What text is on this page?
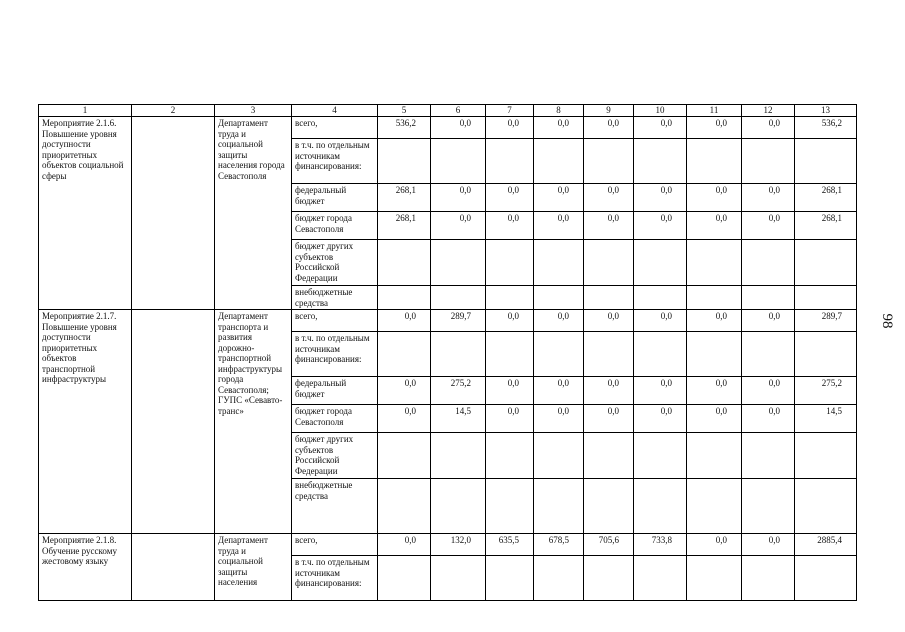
1	2	3	4	5	6	7	8	9	10	11	12	13
Мероприятие 2.1.6. Повышение уровня доступности приоритетных объектов социальной сферы		Департамент труда и социальной защиты населения города Севастополя	всего,	536,2	0,0	0,0	0,0	0,0	0,0	0,0	0,0	536,2
			в т.ч. по отдельным источникам финансирования:									
			федеральный бюджет	268,1	0,0	0,0	0,0	0,0	0,0	0,0	0,0	268,1
			бюджет города Севастополя	268,1	0,0	0,0	0,0	0,0	0,0	0,0	0,0	268,1
			бюджет других субъектов Российской Федерации									
			внебюджетные средства									
Мероприятие 2.1.7. Повышение уровня доступности приоритетных объектов транспортной инфраструктуры		Департамент транспорта и развития дорожно-транспортной инфраструктуры города Севастополя; ГУПС «Севавто-транс»	всего,	0,0	289,7	0,0	0,0	0,0	0,0	0,0	0,0	289,7
			в т.ч. по отдельным источникам финансирования:									
			федеральный бюджет	0,0	275,2	0,0	0,0	0,0	0,0	0,0	0,0	275,2
			бюджет города Севастополя	0,0	14,5	0,0	0,0	0,0	0,0	0,0	0,0	14,5
			бюджет других субъектов Российской Федерации									
			внебюджетные средства									
Мероприятие 2.1.8. Обучение русскому жестовому языку		Департамент труда и социальной защиты населения	всего,	0,0	132,0	635,5	678,5	705,6	733,8	0,0	0,0	2885,4
			в т.ч. по отдельным источникам финансирования:									
98
